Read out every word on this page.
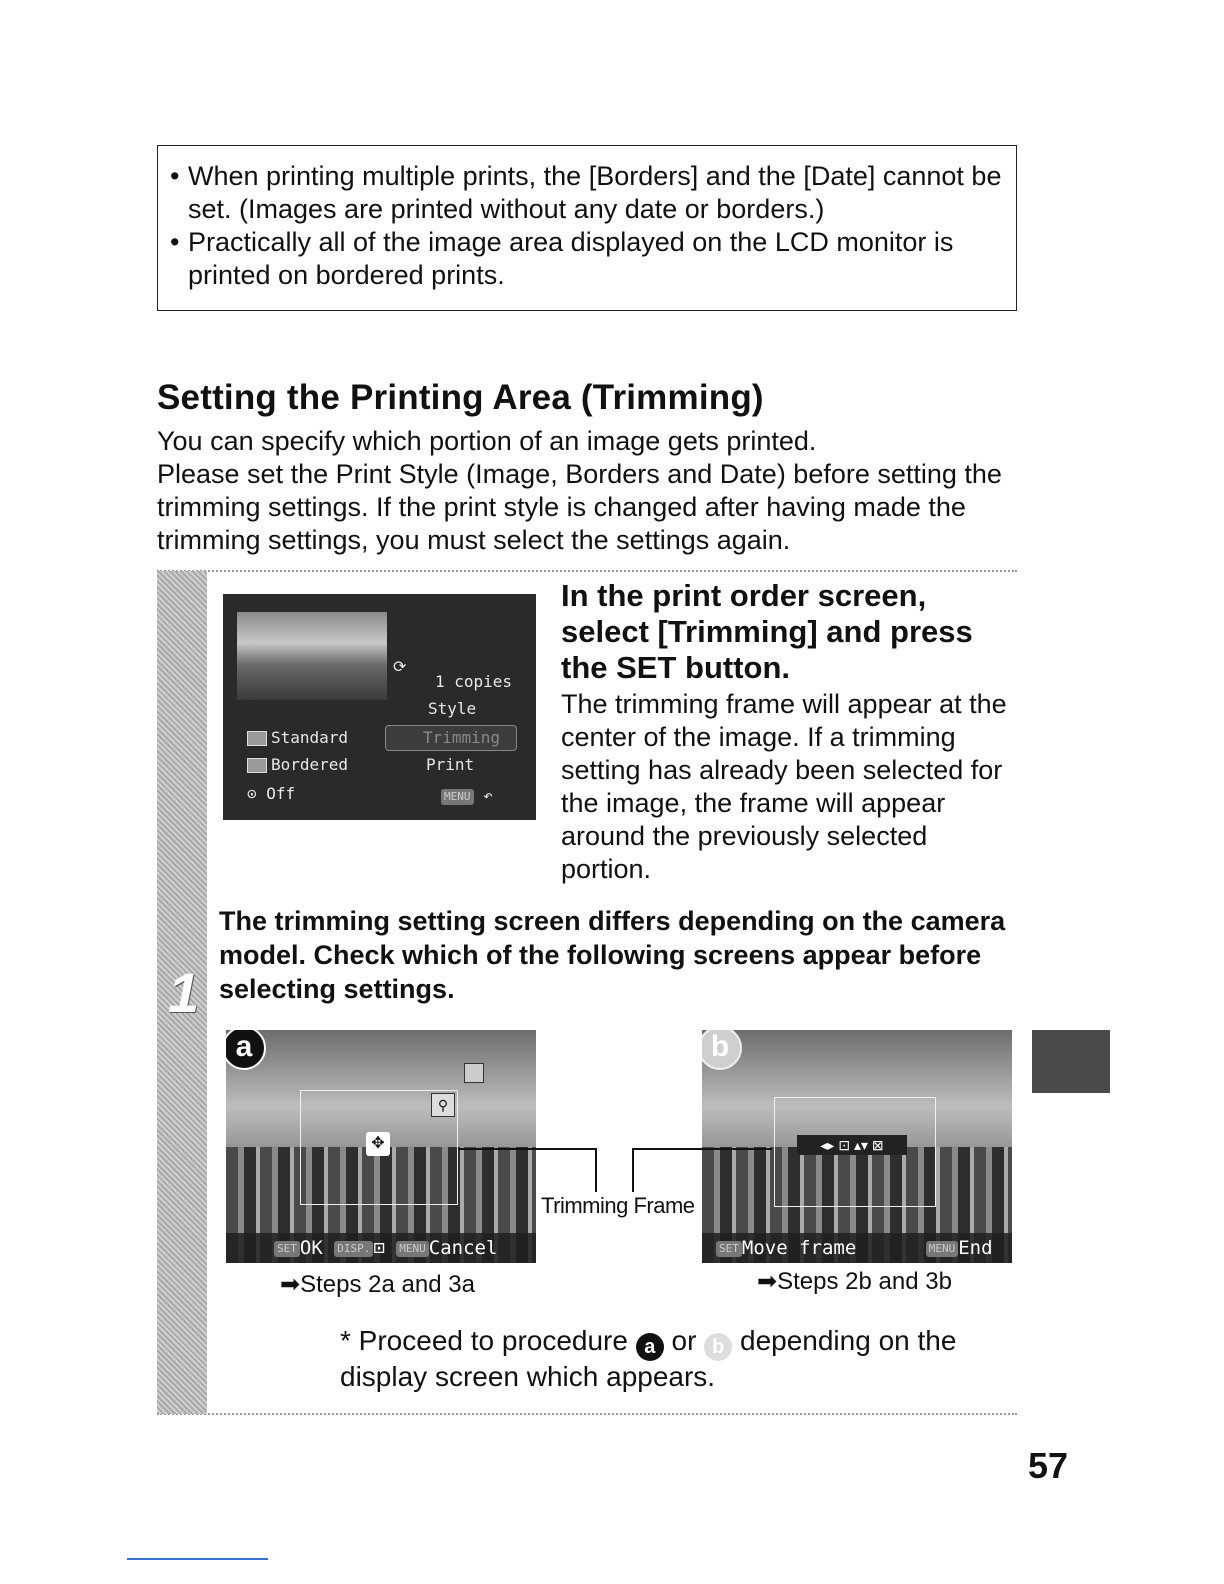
• When printing multiple prints, the [Borders] and the [Date] cannot be set. (Images are printed without any date or borders.)
• Practically all of the image area displayed on the LCD monitor is printed on bordered prints.
Setting the Printing Area (Trimming)

You can specify which portion of an image gets printed.

Please set the Print Style (Image, Borders and Date) before setting the trimming settings. If the print style is changed after having made the trimming settings, you must select the settings again.

1
⟳
1 copies
Style
Trimming
Print
Standard
Bordered
⊙ Off	MENU ↶
In the print order screen, select [Trimming] and press the SET button.
The trimming frame will appear at the center of the image. If a trimming setting has already been selected for the image, the frame will appear around the previously selected portion.
The trimming setting screen differs depending on the camera model. Check which of the following screens appear before selecting settings.
✥
⚲
a
SET OK DISP. ⊡ MENU Cancel
◂▸ ⊡ ▴▾ ⊠
b
SET Move frame	MENU End
Trimming Frame
➡Steps 2a and 3a	➡Steps 2b and 3b
* Proceed to procedure a or b depending on the display screen which appears.
57
